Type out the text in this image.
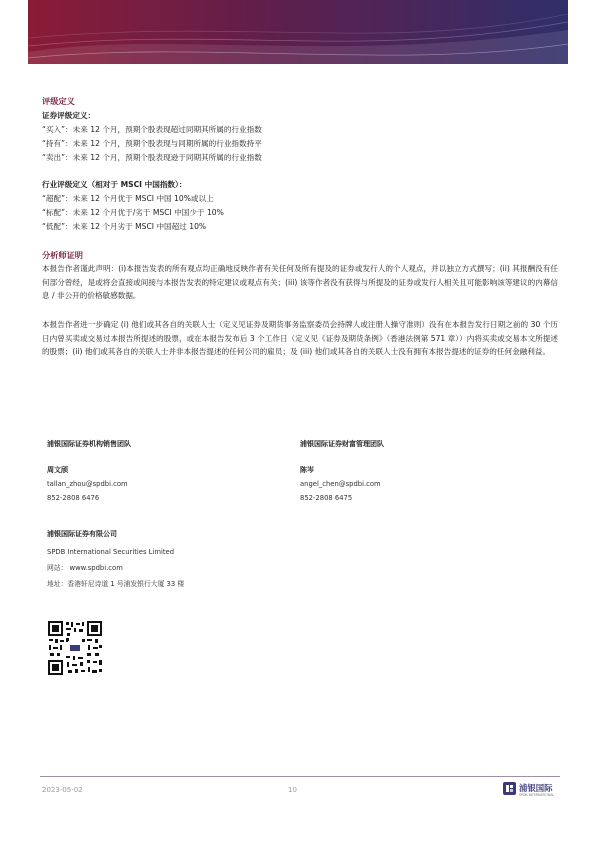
评级定义
证券评级定义：
“买入”：未来 12 个月，预期个股表现超过同期其所属的行业指数
“持有”：未来 12 个月，预期个股表现与同期所属的行业指数持平
“卖出”：未来 12 个月，预期个股表现逊于同期其所属的行业指数
行业评级定义（相对于 MSCI 中国指数）：
“超配”：未来 12 个月优于 MSCI 中国 10%或以上
“标配”：未来 12 个月优于/劣于 MSCI 中国少于 10%
“低配”：未来 12 个月劣于 MSCI 中国超过 10%
分析师证明
本报告作者谨此声明：(i)本报告发表的所有观点均正确地反映作者有关任何及所有提及的证券或发行人的个人观点，并以独立方式撰写；(ii) 其报酬没有任何部分曾经，是或将会直接或间接与本报告发表的特定建议或观点有关；(iii) 该等作者没有获得与所提及的证券或发行人相关且可能影响该等建议的内幕信息 / 非公开的价格敏感数据。
本报告作者进一步确定 (i) 他们或其各自的关联人士（定义见证券及期货事务监察委员会持牌人或注册人操守准则）没有在本报告发行日期之前的 30 个历日内曾买卖或交易过本报告所提述的股票，或在本报告发布后 3 个工作日（定义见《证券及期货条例》（香港法例第 571 章））内将买卖或交易本文所提述的股票；(ii) 他们或其各自的关联人士并非本报告提述的任何公司的雇员；及 (iii) 他们或其各自的关联人士没有拥有本报告提述的证券的任何金融利益。
浦银国际证券机构销售团队
周文颀
tallan_zhou@spdbi.com
852-2808 6476
浦银国际证券财富管理团队
陈岑
angel_chen@spdbi.com
852-2808 6475
浦银国际证券有限公司
SPDB International Securities Limited
网站： www.spdbi.com
地址：香港轩尼诗道 1 号浦发银行大厦 33 楼
2023-05-02	10	浦银国际
SPDB INTERNATIONAL
